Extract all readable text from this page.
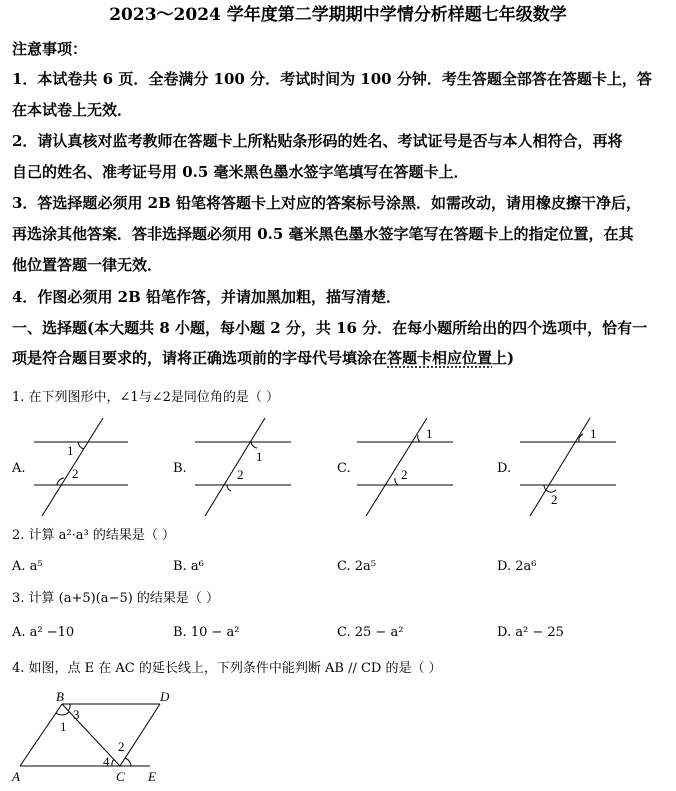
2023～2024 学年度第二学期期中学情分析样题七年级数学
注意事项：
1．本试卷共 6 页．全卷满分 100 分．考试时间为 100 分钟．考生答题全部答在答题卡上，答
在本试卷上无效．
2．请认真核对监考教师在答题卡上所粘贴条形码的姓名、考试证号是否与本人相符合，再将
自己的姓名、准考证号用 0.5 毫米黑色墨水签字笔填写在答题卡上．
3．答选择题必须用 2B 铅笔将答题卡上对应的答案标号涂黑．如需改动，请用橡皮擦干净后，
再选涂其他答案．答非选择题必须用 0.5 毫米黑色墨水签字笔写在答题卡上的指定位置，在其
他位置答题一律无效．
4．作图必须用 2B 铅笔作答，并请加黑加粗，描写清楚．
一、选择题(本大题共 8 小题，每小题 2 分，共 16 分．在每小题所给出的四个选项中，恰有一
项是符合题目要求的，请将正确选项前的字母代号填涂在答题卡相应位置上)
1. 在下列图形中，∠1与∠2是同位角的是（ ）
A.	B.	C.	D.
1
2
1
2
1
2
1
2
2. 计算 a²·a³ 的结果是（ ）
A. a⁵	B. a⁶	C. 2a⁵	D. 2a⁶
3. 计算 (a+5)(a−5) 的结果是（ ）
A. a² −10	B. 10 − a²	C. 25 − a²	D. a² − 25
4. 如图，点 E 在 AC 的延长线上，下列条件中能判断 AB // CD 的是（ ）
B	D
A	C E
1
2
3
4
